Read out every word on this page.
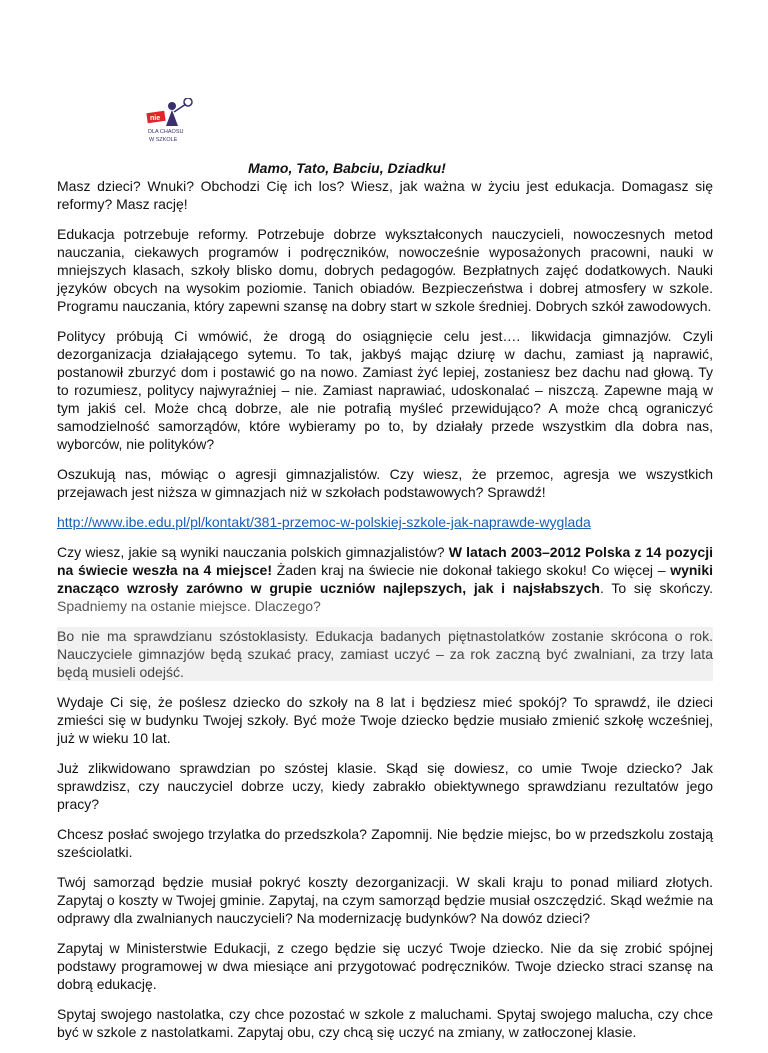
nie
DLA CHAOSU
W SZKOLE
Mamo, Tato, Babciu, Dziadku!

Masz dzieci? Wnuki? Obchodzi Cię ich los? Wiesz, jak ważna w życiu jest edukacja. Domagasz się reformy? Masz rację!

Edukacja potrzebuje reformy. Potrzebuje dobrze wykształconych nauczycieli, nowoczesnych metod nauczania, ciekawych programów i podręczników, nowocześnie wyposażonych pracowni, nauki w mniejszych klasach, szkoły blisko domu, dobrych pedagogów. Bezpłatnych zajęć dodatkowych. Nauki języków obcych na wysokim poziomie. Tanich obiadów. Bezpieczeństwa i dobrej atmosfery w szkole. Programu nauczania, który zapewni szansę na dobry start w szkole średniej. Dobrych szkół zawodowych.

Politycy próbują Ci wmówić, że drogą do osiągnięcie celu jest…. likwidacja gimnazjów. Czyli dezorganizacja działającego sytemu. To tak, jakbyś mając dziurę w dachu, zamiast ją naprawić, postanowił zburzyć dom i postawić go na nowo. Zamiast żyć lepiej, zostaniesz bez dachu nad głową. Ty to rozumiesz, politycy najwyraźniej – nie. Zamiast naprawiać, udoskonalać – niszczą. Zapewne mają w tym jakiś cel. Może chcą dobrze, ale nie potrafią myśleć przewidująco? A może chcą ograniczyć samodzielność samorządów, które wybieramy po to, by działały przede wszystkim dla dobra nas, wyborców, nie polityków?

Oszukują nas, mówiąc o agresji gimnazjalistów. Czy wiesz, że przemoc, agresja we wszystkich przejawach jest niższa w gimnazjach niż w szkołach podstawowych? Sprawdź!

http://www.ibe.edu.pl/pl/kontakt/381-przemoc-w-polskiej-szkole-jak-naprawde-wyglada

Czy wiesz, jakie są wyniki nauczania polskich gimnazjalistów? W latach 2003–2012 Polska z 14 pozycji na świecie weszła na 4 miejsce! Żaden kraj na świecie nie dokonał takiego skoku! Co więcej – wyniki znacząco wzrosły zarówno w grupie uczniów najlepszych, jak i najsłabszych. To się skończy. Spadniemy na ostanie miejsce. Dlaczego?

Bo nie ma sprawdzianu szóstoklasisty. Edukacja badanych piętnastolatków zostanie skrócona o rok. Nauczyciele gimnazjów będą szukać pracy, zamiast uczyć – za rok zaczną być zwalniani, za trzy lata będą musieli odejść.

Wydaje Ci się, że poślesz dziecko do szkoły na 8 lat i będziesz mieć spokój? To sprawdź, ile dzieci zmieści się w budynku Twojej szkoły. Być może Twoje dziecko będzie musiało zmienić szkołę wcześniej, już w wieku 10 lat.

Już zlikwidowano sprawdzian po szóstej klasie. Skąd się dowiesz, co umie Twoje dziecko? Jak sprawdzisz, czy nauczyciel dobrze uczy, kiedy zabrakło obiektywnego sprawdzianu rezultatów jego pracy?

Chcesz posłać swojego trzylatka do przedszkola? Zapomnij. Nie będzie miejsc, bo w przedszkolu zostają sześciolatki.

Twój samorząd będzie musiał pokryć koszty dezorganizacji. W skali kraju to ponad miliard złotych. Zapytaj o koszty w Twojej gminie. Zapytaj, na czym samorząd będzie musiał oszczędzić. Skąd weźmie na odprawy dla zwalnianych nauczycieli? Na modernizację budynków? Na dowóz dzieci?

Zapytaj w Ministerstwie Edukacji, z czego będzie się uczyć Twoje dziecko. Nie da się zrobić spójnej podstawy programowej w dwa miesiące ani przygotować podręczników. Twoje dziecko straci szansę na dobrą edukację.

Spytaj swojego nastolatka, czy chce pozostać w szkole z maluchami. Spytaj swojego malucha, czy chce być w szkole z nastolatkami. Zapytaj obu, czy chcą się uczyć na zmiany, w zatłoczonej klasie.
